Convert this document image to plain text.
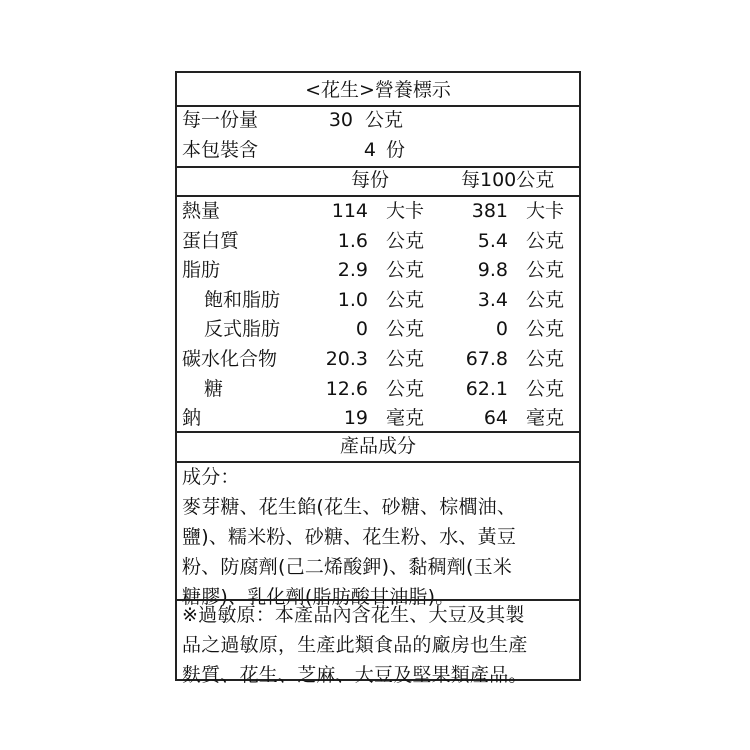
<花生>營養標示
每一份量	30 公克
本包裝含	4 份
每份	每100公克
熱量	114 大卡	381 大卡
蛋白質	1.6 公克	5.4 公克
脂肪	2.9 公克	9.8 公克
飽和脂肪	1.0 公克	3.4 公克
反式脂肪	0 公克	0 公克
碳水化合物	20.3 公克 67.8 公克
糖	12.6 公克 62.1 公克
鈉	19 毫克	64 毫克
產品成分
成分：
麥芽糖、花生餡(花生、砂糖、棕櫚油、
鹽)、糯米粉、砂糖、花生粉、水、黃豆
粉、防腐劑(己二烯酸鉀)、黏稠劑(玉米
糖膠)、乳化劑(脂肪酸甘油脂)。
※過敏原：本產品內含花生、大豆及其製
品之過敏原，生產此類食品的廠房也生產
麩質、花生、芝麻、大豆及堅果類產品。
